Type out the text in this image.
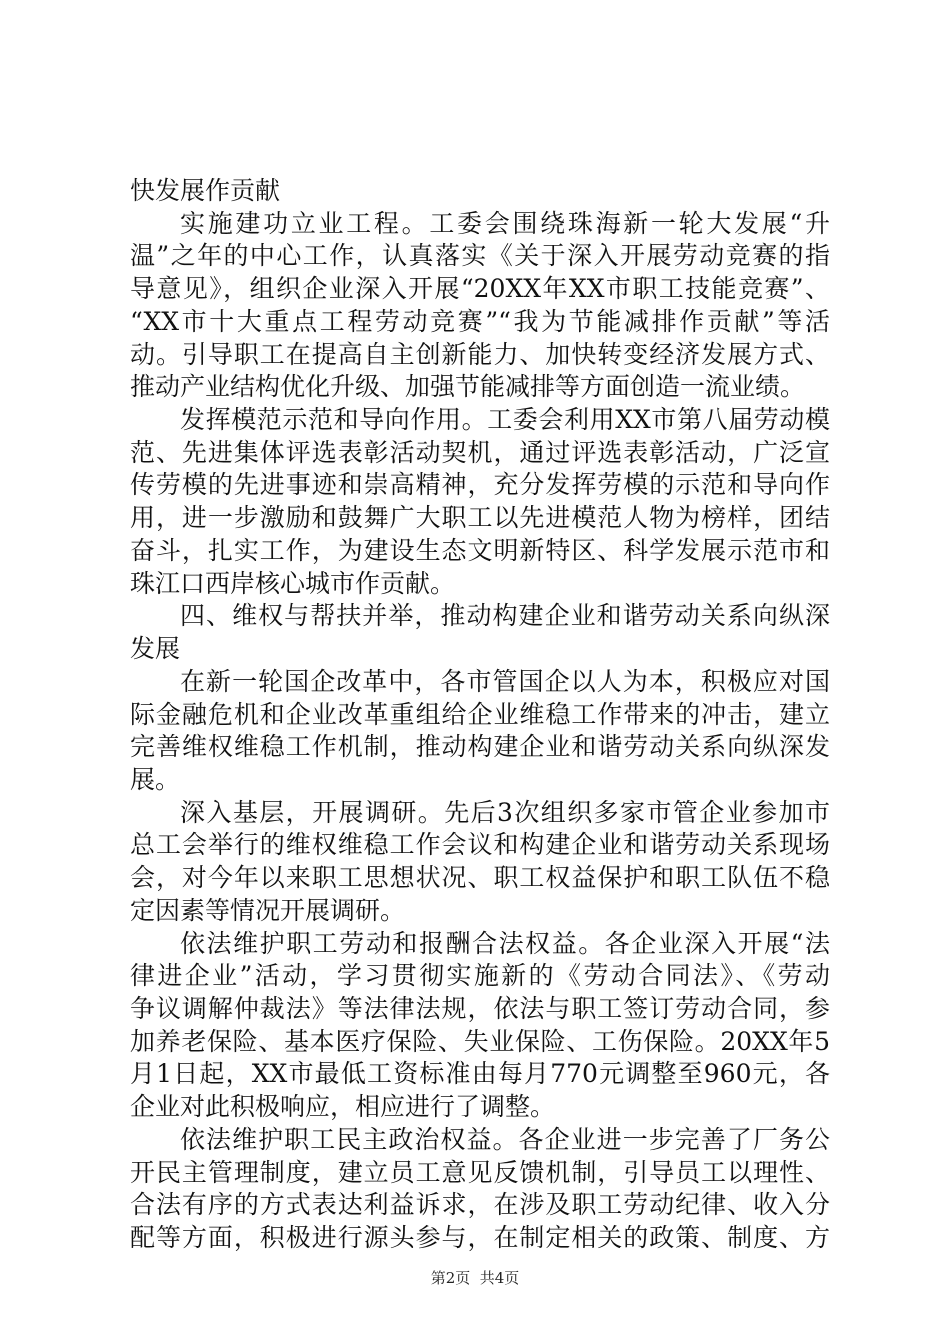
快发展作贡献
实施建功立业工程。工委会围绕珠海新一轮大发展“升
温”之年的中心工作，认真落实《关于深入开展劳动竞赛的指
导意见》，组织企业深入开展“20XX年XX市职工技能竞赛”、
“XX市十大重点工程劳动竞赛”“我为节能减排作贡献”等活
动。引导职工在提高自主创新能力、加快转变经济发展方式、
推动产业结构优化升级、加强节能减排等方面创造一流业绩。
发挥模范示范和导向作用。工委会利用XX市第八届劳动模
范、先进集体评选表彰活动契机，通过评选表彰活动，广泛宣
传劳模的先进事迹和崇高精神，充分发挥劳模的示范和导向作
用，进一步激励和鼓舞广大职工以先进模范人物为榜样，团结
奋斗，扎实工作，为建设生态文明新特区、科学发展示范市和
珠江口西岸核心城市作贡献。
四、维权与帮扶并举，推动构建企业和谐劳动关系向纵深
发展
在新一轮国企改革中，各市管国企以人为本，积极应对国
际金融危机和企业改革重组给企业维稳工作带来的冲击，建立
完善维权维稳工作机制，推动构建企业和谐劳动关系向纵深发
展。
深入基层，开展调研。先后3次组织多家市管企业参加市
总工会举行的维权维稳工作会议和构建企业和谐劳动关系现场
会，对今年以来职工思想状况、职工权益保护和职工队伍不稳
定因素等情况开展调研。
依法维护职工劳动和报酬合法权益。各企业深入开展“法
律进企业”活动，学习贯彻实施新的《劳动合同法》、《劳动
争议调解仲裁法》等法律法规，依法与职工签订劳动合同，参
加养老保险、基本医疗保险、失业保险、工伤保险。20XX年5
月1日起，XX市最低工资标准由每月770元调整至960元，各
企业对此积极响应，相应进行了调整。
依法维护职工民主政治权益。各企业进一步完善了厂务公
开民主管理制度，建立员工意见反馈机制，引导员工以理性、
合法有序的方式表达利益诉求，在涉及职工劳动纪律、收入分
配等方面，积极进行源头参与，在制定相关的政策、制度、方
第2页  共4页
